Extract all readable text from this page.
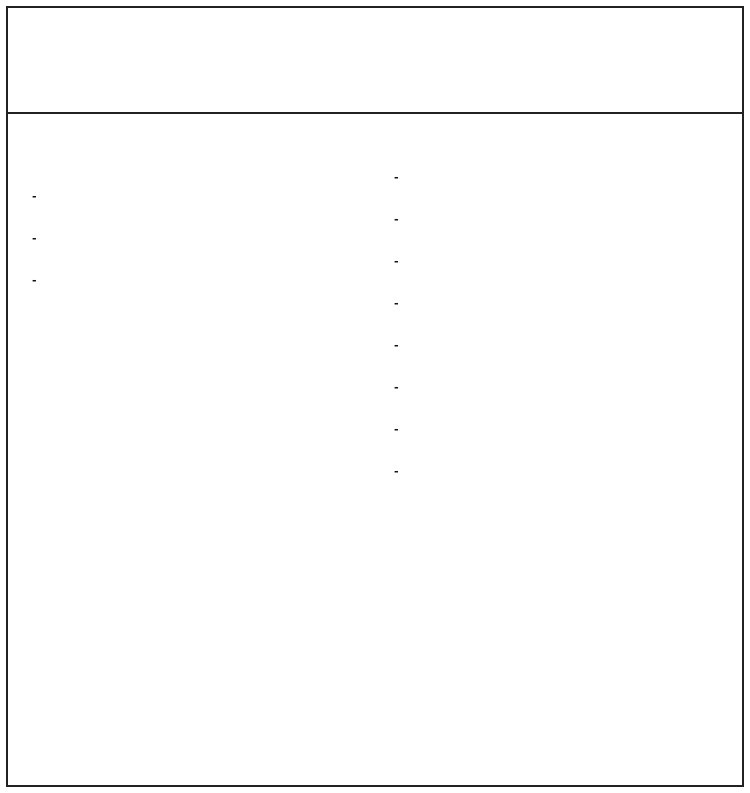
-
-
-
-
-
-
-
-
-
-
-
